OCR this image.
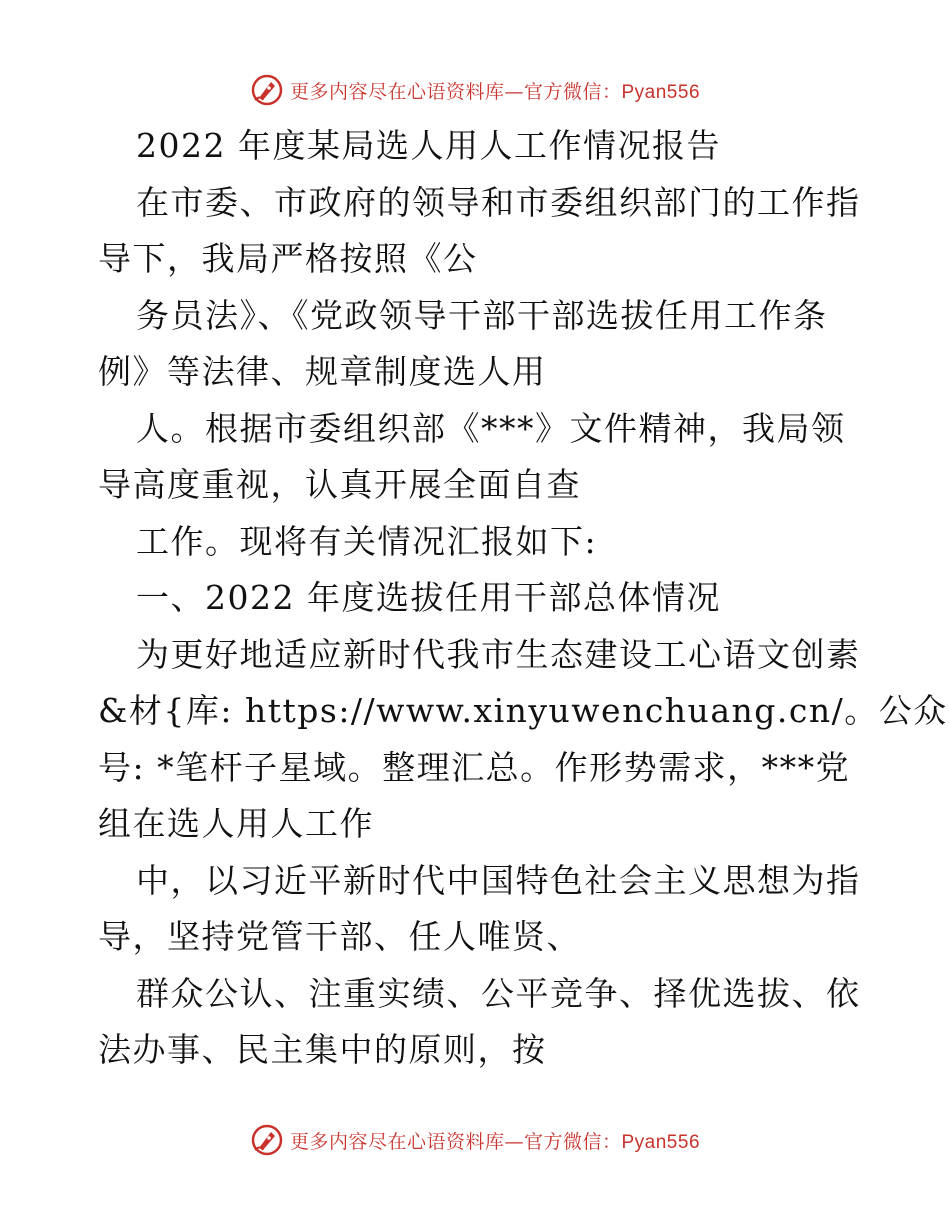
更多内容尽在心语资料库—官方微信：Pyan556
2022 年度某局选人用人工作情况报告
在市委、市政府的领导和市委组织部门的工作指
导下，我局严格按照《公
务员法》、《党政领导干部干部选拔任用工作条
例》等法律、规章制度选人用
人。根据市委组织部《***》文件精神，我局领
导高度重视，认真开展全面自查
工作。现将有关情况汇报如下:
一、2022 年度选拔任用干部总体情况
为更好地适应新时代我市生态建设工心语文创素
&材{库: https://www.xinyuwenchuang.cn/。公众
号: *笔杆子星域。整理汇总。作形势需求，***党
组在选人用人工作
中，以习近平新时代中国特色社会主义思想为指
导，坚持党管干部、任人唯贤、
群众公认、注重实绩、公平竞争、择优选拔、依
法办事、民主集中的原则，按
更多内容尽在心语资料库—官方微信：Pyan556
